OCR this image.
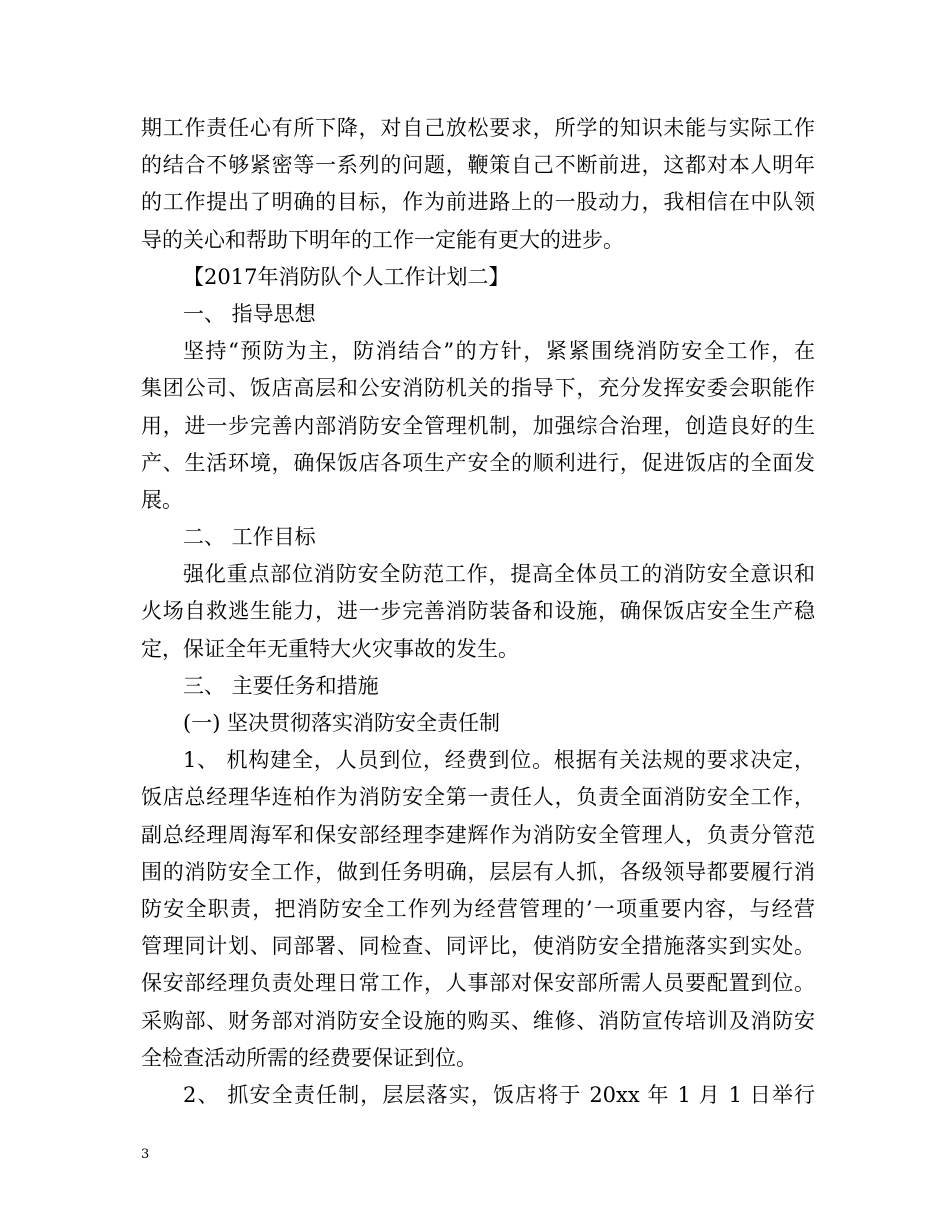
期工作责任心有所下降，对自己放松要求，所学的知识未能与实际工作
的结合不够紧密等一系列的问题，鞭策自己不断前进，这都对本人明年
的工作提出了明确的目标，作为前进路上的一股动力，我相信在中队领
导的关心和帮助下明年的工作一定能有更大的进步。
【2017年消防队个人工作计划二】
一、 指导思想
坚持“预防为主，防消结合”的方针，紧紧围绕消防安全工作，在
集团公司、饭店高层和公安消防机关的指导下，充分发挥安委会职能作
用，进一步完善内部消防安全管理机制，加强综合治理，创造良好的生
产、生活环境，确保饭店各项生产安全的顺利进行，促进饭店的全面发
展。
二、 工作目标
强化重点部位消防安全防范工作，提高全体员工的消防安全意识和
火场自救逃生能力，进一步完善消防装备和设施，确保饭店安全生产稳
定，保证全年无重特大火灾事故的发生。
三、 主要任务和措施
(一) 坚决贯彻落实消防安全责任制
1、 机构建全，人员到位，经费到位。根据有关法规的要求决定，
饭店总经理华连柏作为消防安全第一责任人，负责全面消防安全工作，
副总经理周海军和保安部经理李建辉作为消防安全管理人，负责分管范
围的消防安全工作，做到任务明确，层层有人抓，各级领导都要履行消
防安全职责，把消防安全工作列为经营管理的’一项重要内容，与经营
管理同计划、同部署、同检查、同评比，使消防安全措施落实到实处。
保安部经理负责处理日常工作，人事部对保安部所需人员要配置到位。
采购部、财务部对消防安全设施的购买、维修、消防宣传培训及消防安
全检查活动所需的经费要保证到位。
2、 抓安全责任制，层层落实，饭店将于 20xx 年 1 月 1 日举行
3
